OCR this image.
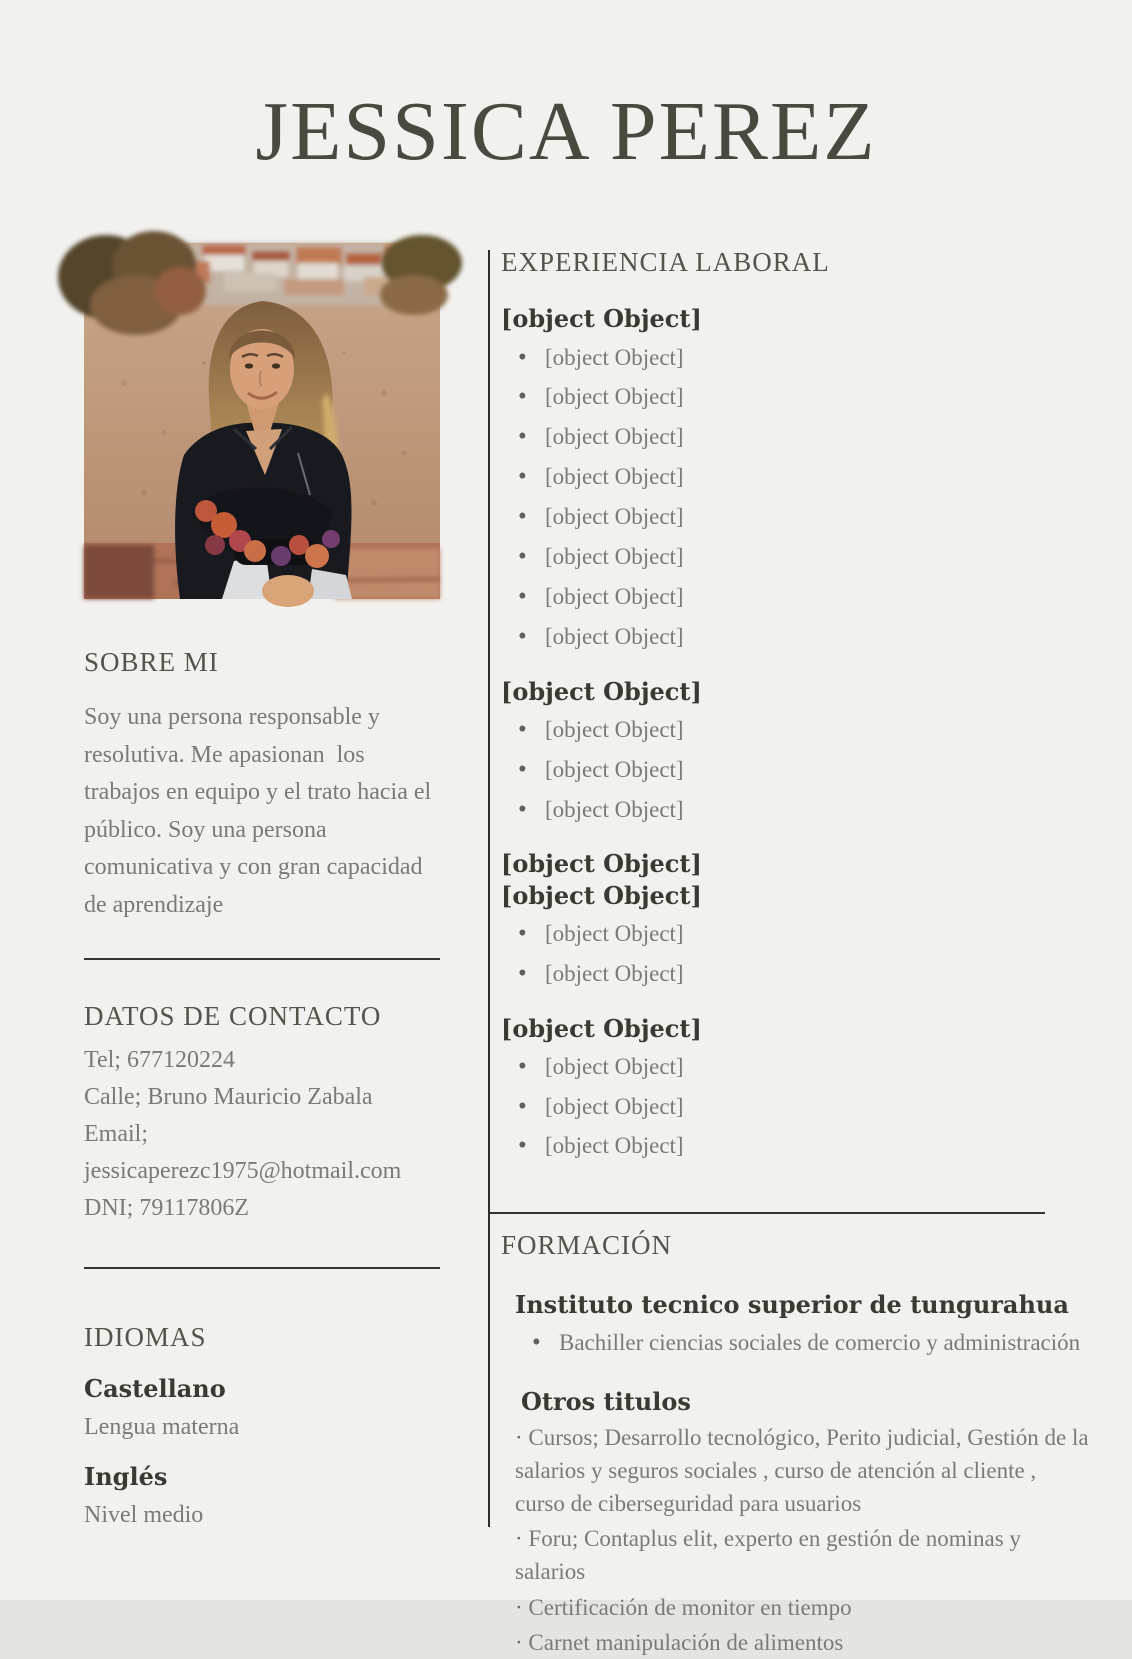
JESSICA PEREZ
SOBRE MI

Soy una persona responsable y resolutiva. Me apasionan  los trabajos en equipo y el trato hacia el público. Soy una persona comunicativa y con gran capacidad de aprendizaje

DATOS DE CONTACTO
Tel; 677120224
Calle; Bruno Mauricio Zabala
Email; jessicaperezc1975@hotmail.com
DNI; 79117806Z
IDIOMAS
Castellano
Lengua materna
Inglés
Nivel medio
EXPERIENCIA LABORAL
[object Object]
• [object Object]
• [object Object]
• [object Object]
• [object Object]
• [object Object]
• [object Object]
• [object Object]
• [object Object]
[object Object]
• [object Object]
• [object Object]
• [object Object]
[object Object]
[object Object]
• [object Object]
• [object Object]
[object Object]
• [object Object]
• [object Object]
• [object Object]
FORMACIÓN
Instituto tecnico superior de tungurahua
• Bachiller ciencias sociales de comercio y administración
Otros titulos

· Cursos; Desarrollo tecnológico, Perito judicial, Gestión de la salarios y seguros sociales , curso de atención al cliente , curso de ciberseguridad para usuarios

· Foru; Contaplus elit, experto en gestión de nominas y salarios

· Certificación de monitor en tiempo

· Carnet manipulación de alimentos
